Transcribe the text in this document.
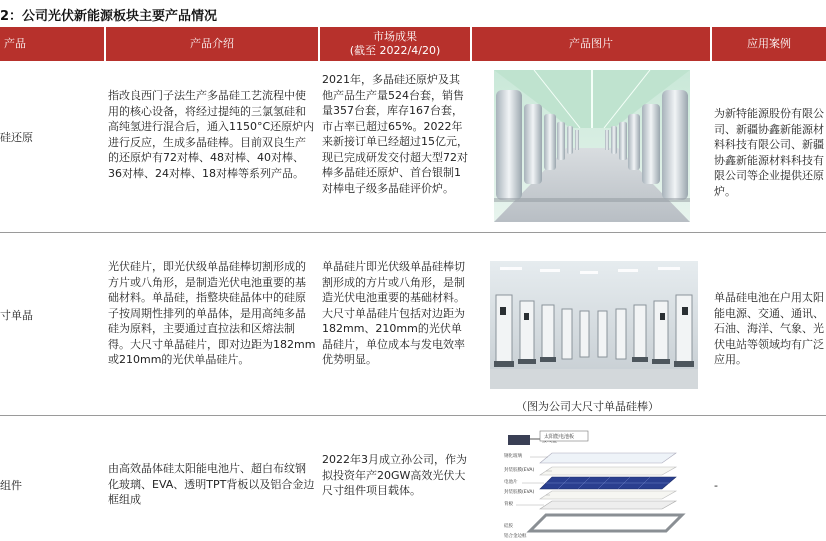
2：公司光伏新能源板块主要产品情况
产品	产品介绍
市场成果
(截至 2022/4/20)
产品图片	应用案例
硅还原
指改良西门子法生产多晶硅工艺流程中使用的核心设备，将经过提纯的三氯氢硅和高纯氢进行混合后，通入1150°C还原炉内进行反应，生成多晶硅棒。目前双良生产的还原炉有72对棒、48对棒、40对棒、36对棒、24对棒、18对棒等系列产品。
2021年，多晶硅还原炉及其他产品生产量524台套，销售量357台套，库存167台套，市占率已超过65%。2022年来新接订单已经超过15亿元，现已完成研发交付超大型72对棒多晶硅还原炉、首台银制1对棒电子级多晶硅评价炉。
为新特能源股份有限公司、新疆协鑫新能源材料科技有限公司、新疆协鑫新能源材料科技有限公司等企业提供还原炉。
寸单晶
光伏硅片，即光伏级单晶硅棒切割形成的方片或八角形，是制造光伏电池重要的基础材料。单晶硅，指整块硅晶体中的硅原子按周期性排列的单晶体，是用高纯多晶硅为原料，主要通过直拉法和区熔法制得。大尺寸单晶硅片，即对边距为182mm或210mm的光伏单晶硅片。
单晶硅片即光伏级单晶硅棒切割形成的方片或八角形，是制造光伏电池重要的基础材料。大尺寸单晶硅片包括对边距为182mm、210mm的光伏单晶硅片，单位成本与发电效率优势明显。
（图为公司大尺寸单晶硅棒）
单晶硅电池在户用太阳能电源、交通、通讯、石油、海洋、气象、光伏电站等领域均有广泛应用。
组件
由高效晶体硅太阳能电池片、超白布纹钢化玻璃、EVA、透明TPT背板以及铝合金边框组成
2022年3月成立孙公司，作为拟投资年产20GW高效光伏大尺寸组件项目载体。
太阳能电池板
钢化玻璃
封装胶膜(EVA)
电池片
封装胶膜(EVA)
背板
硅胶
铝合金边框
-
